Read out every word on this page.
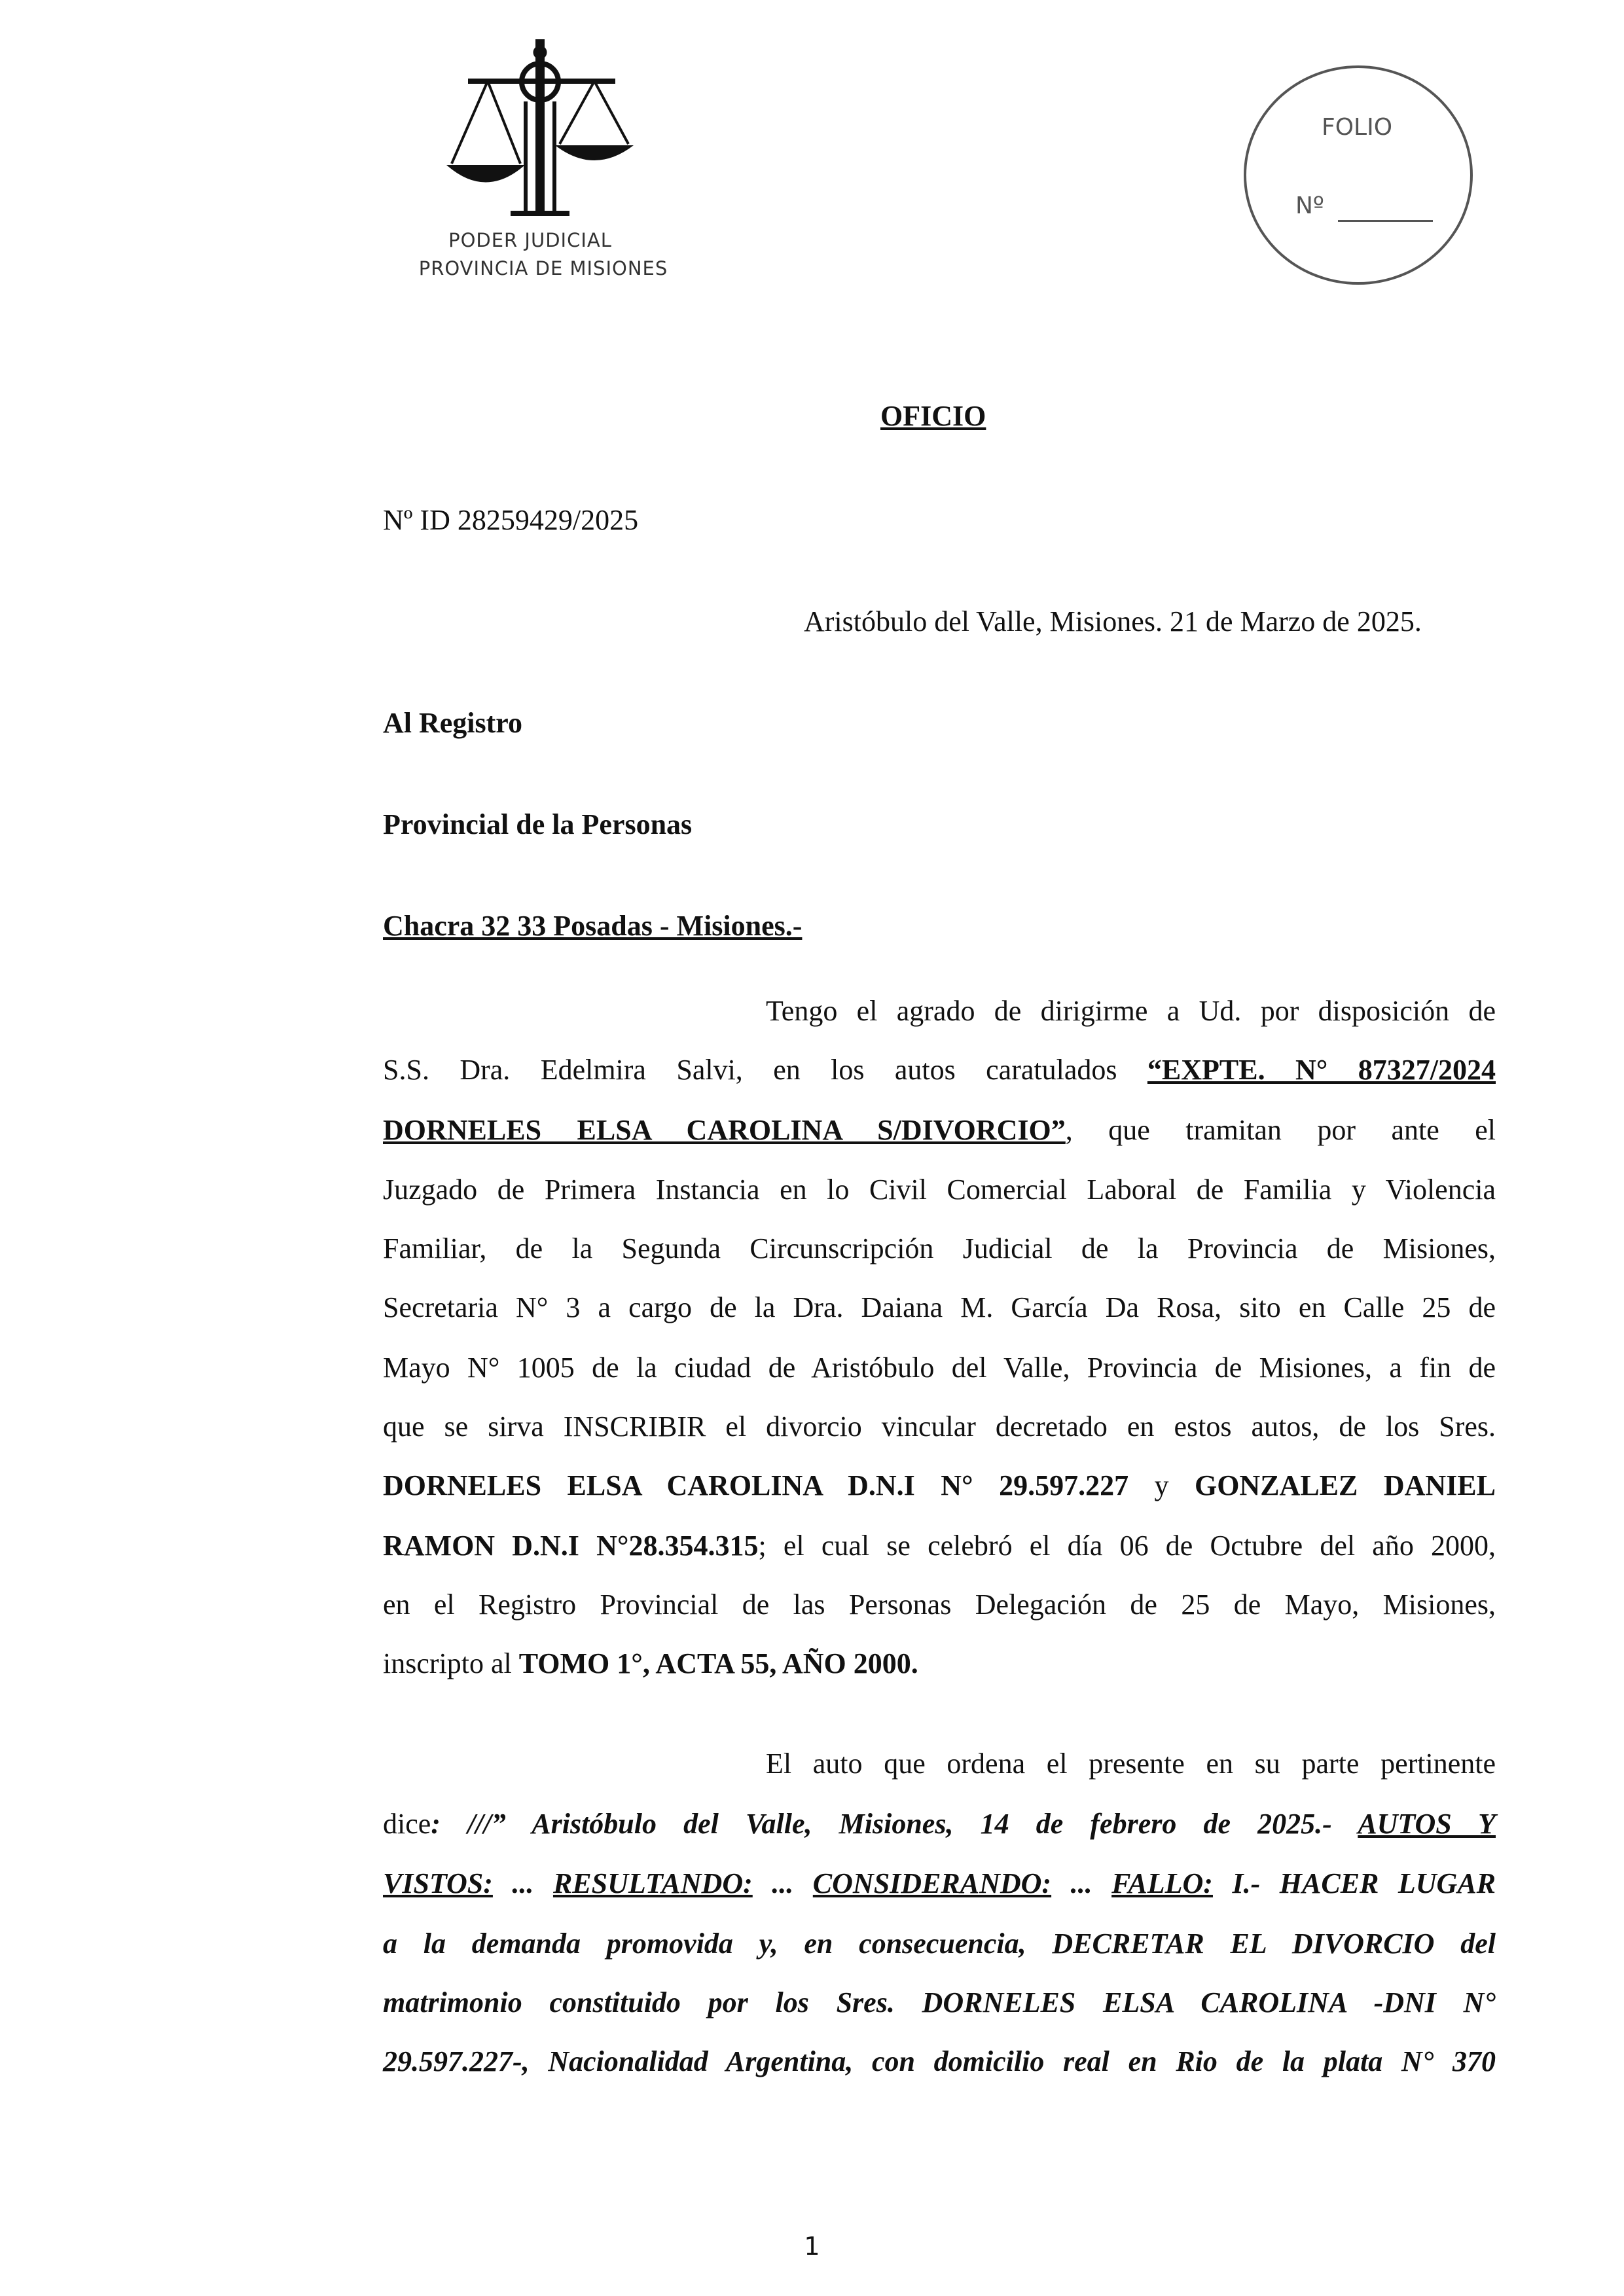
PODER JUDICIAL
PROVINCIA DE MISIONES
FOLIO
Nº
OFICIO
Nº ID 28259429/2025
Aristóbulo del Valle, Misiones. 21 de Marzo de 2025.
Al Registro
Provincial de la Personas
Chacra 32 33 Posadas - Misiones.-
Tengo el agrado de dirigirme a Ud. por disposición de
S.S. Dra. Edelmira Salvi, en los autos caratulados “EXPTE. N° 87327/2024
DORNELES ELSA CAROLINA S/DIVORCIO”, que tramitan por ante el
Juzgado de Primera Instancia en lo Civil Comercial Laboral de Familia y Violencia
Familiar, de la Segunda Circunscripción Judicial de la Provincia de Misiones,
Secretaria N° 3 a cargo de la Dra. Daiana M. García Da Rosa, sito en Calle 25 de
Mayo N° 1005 de la ciudad de Aristóbulo del Valle, Provincia de Misiones, a fin de
que se sirva INSCRIBIR el divorcio vincular decretado en estos autos, de los Sres.
DORNELES ELSA CAROLINA D.N.I N° 29.597.227 y GONZALEZ DANIEL
RAMON D.N.I N°28.354.315; el cual se celebró el día 06 de Octubre del año 2000,
en el Registro Provincial de las Personas Delegación de 25 de Mayo, Misiones,
inscripto al TOMO 1°, ACTA 55, AÑO 2000.
El auto que ordena el presente en su parte pertinente
dice: ///” Aristóbulo del Valle, Misiones, 14 de febrero de 2025.- AUTOS Y
VISTOS: ... RESULTANDO: ... CONSIDERANDO: ... FALLO: I.- HACER LUGAR
a la demanda promovida y, en consecuencia, DECRETAR EL DIVORCIO del
matrimonio constituido por los Sres. DORNELES ELSA CAROLINA -DNI N°
29.597.227-, Nacionalidad Argentina, con domicilio real en Rio de la plata N° 370
1
